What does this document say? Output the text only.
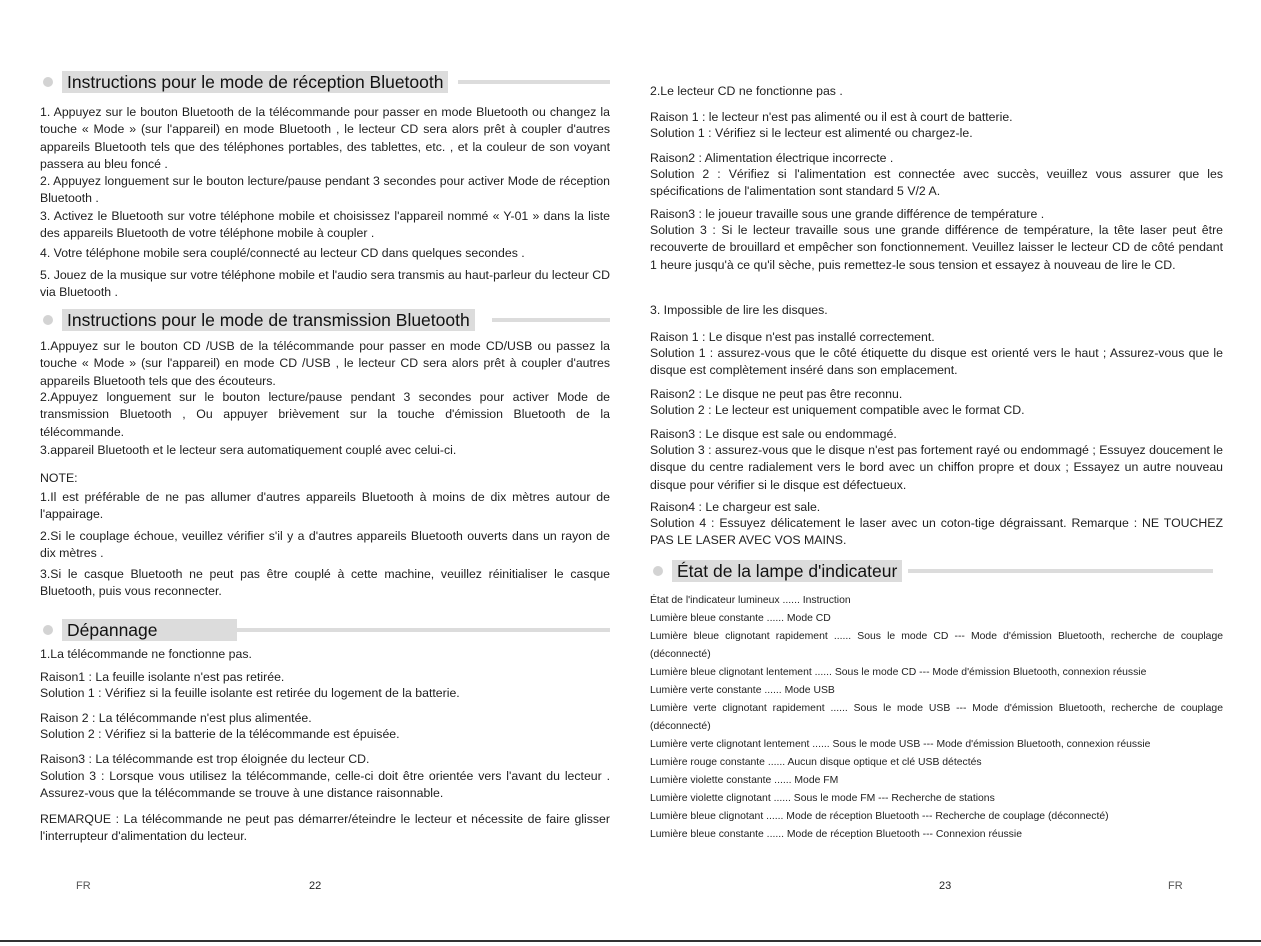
Instructions pour le mode de réception Bluetooth

1. Appuyez sur le bouton Bluetooth de la télécommande pour passer en mode Bluetooth ou changez la touche « Mode » (sur l'appareil) en mode Bluetooth , le lecteur CD sera alors prêt à coupler d'autres appareils Bluetooth tels que des téléphones portables, des tablettes, etc. , et la couleur de son voyant passera au bleu foncé .

2. Appuyez longuement sur le bouton lecture/pause pendant 3 secondes pour activer Mode de réception Bluetooth .

3. Activez le Bluetooth sur votre téléphone mobile et choisissez l'appareil nommé « Y-01 » dans la liste des appareils Bluetooth de votre téléphone mobile à coupler .

4. Votre téléphone mobile sera couplé/connecté au lecteur CD dans quelques secondes .

5. Jouez de la musique sur votre téléphone mobile et l'audio sera transmis au haut-parleur du lecteur CD via Bluetooth .

Instructions pour le mode de transmission Bluetooth

1.Appuyez sur le bouton CD /USB de la télécommande pour passer en mode CD/USB ou passez la touche « Mode » (sur l'appareil) en mode CD /USB , le lecteur CD sera alors prêt à coupler d'autres appareils Bluetooth tels que des écouteurs.

2.Appuyez longuement sur le bouton lecture/pause pendant 3 secondes pour activer Mode de transmission Bluetooth , Ou appuyer brièvement sur la touche d'émission Bluetooth de la télécommande.

3.appareil Bluetooth et le lecteur sera automatiquement couplé avec celui-ci.

NOTE:

1.Il est préférable de ne pas allumer d'autres appareils Bluetooth à moins de dix mètres autour de l'appairage.

2.Si le couplage échoue, veuillez vérifier s'il y a d'autres appareils Bluetooth ouverts dans un rayon de dix mètres .

3.Si le casque Bluetooth ne peut pas être couplé à cette machine, veuillez réinitialiser le casque Bluetooth, puis vous reconnecter.

Dépannage

1.La télécommande ne fonctionne pas.

Raison1 : La feuille isolante n'est pas retirée.

Solution 1 : Vérifiez si la feuille isolante est retirée du logement de la batterie.

Raison 2 : La télécommande n'est plus alimentée.

Solution 2 : Vérifiez si la batterie de la télécommande est épuisée.

Raison3 : La télécommande est trop éloignée du lecteur CD.

Solution 3 : Lorsque vous utilisez la télécommande, celle-ci doit être orientée vers l'avant du lecteur . Assurez-vous que la télécommande se trouve à une distance raisonnable.

REMARQUE : La télécommande ne peut pas démarrer/éteindre le lecteur et nécessite de faire glisser l'interrupteur d'alimentation du lecteur.

FR	22

2.Le lecteur CD ne fonctionne pas .

Raison 1 : le lecteur n'est pas alimenté ou il est à court de batterie.

Solution 1 : Vérifiez si le lecteur est alimenté ou chargez-le.

Raison2 : Alimentation électrique incorrecte .

Solution 2 : Vérifiez si l'alimentation est connectée avec succès, veuillez vous assurer que les spécifications de l'alimentation sont standard 5 V/2 A.

Raison3 : le joueur travaille sous une grande différence de température .

Solution 3 : Si le lecteur travaille sous une grande différence de température, la tête laser peut être recouverte de brouillard et empêcher son fonctionnement. Veuillez laisser le lecteur CD de côté pendant 1 heure jusqu'à ce qu'il sèche, puis remettez-le sous tension et essayez à nouveau de lire le CD.

3. Impossible de lire les disques.

Raison 1 : Le disque n'est pas installé correctement.

Solution 1 : assurez-vous que le côté étiquette du disque est orienté vers le haut ; Assurez-vous que le disque est complètement inséré dans son emplacement.

Raison2 : Le disque ne peut pas être reconnu.

Solution 2 : Le lecteur est uniquement compatible avec le format CD.

Raison3 : Le disque est sale ou endommagé.

Solution 3 : assurez-vous que le disque n'est pas fortement rayé ou endommagé ; Essuyez doucement le disque du centre radialement vers le bord avec un chiffon propre et doux ; Essayez un autre nouveau disque pour vérifier si le disque est défectueux.

Raison4 : Le chargeur est sale.

Solution 4 : Essuyez délicatement le laser avec un coton-tige dégraissant. Remarque : NE TOUCHEZ PAS LE LASER AVEC VOS MAINS.

État de la lampe d'indicateur

État de l'indicateur lumineux ...... Instruction

Lumière bleue constante ...... Mode CD

Lumière bleue clignotant rapidement ...... Sous le mode CD --- Mode d'émission Bluetooth, recherche de couplage (déconnecté)

Lumière bleue clignotant lentement ...... Sous le mode CD --- Mode d'émission Bluetooth, connexion réussie

Lumière verte constante ...... Mode USB

Lumière verte clignotant rapidement ...... Sous le mode USB --- Mode d'émission Bluetooth, recherche de couplage (déconnecté)

Lumière verte clignotant lentement ...... Sous le mode USB --- Mode d'émission Bluetooth, connexion réussie

Lumière rouge constante ...... Aucun disque optique et clé USB détectés

Lumière violette constante ...... Mode FM

Lumière violette clignotant ...... Sous le mode FM --- Recherche de stations

Lumière bleue clignotant ...... Mode de réception Bluetooth --- Recherche de couplage (déconnecté)

Lumière bleue constante ...... Mode de réception Bluetooth --- Connexion réussie

23	FR
